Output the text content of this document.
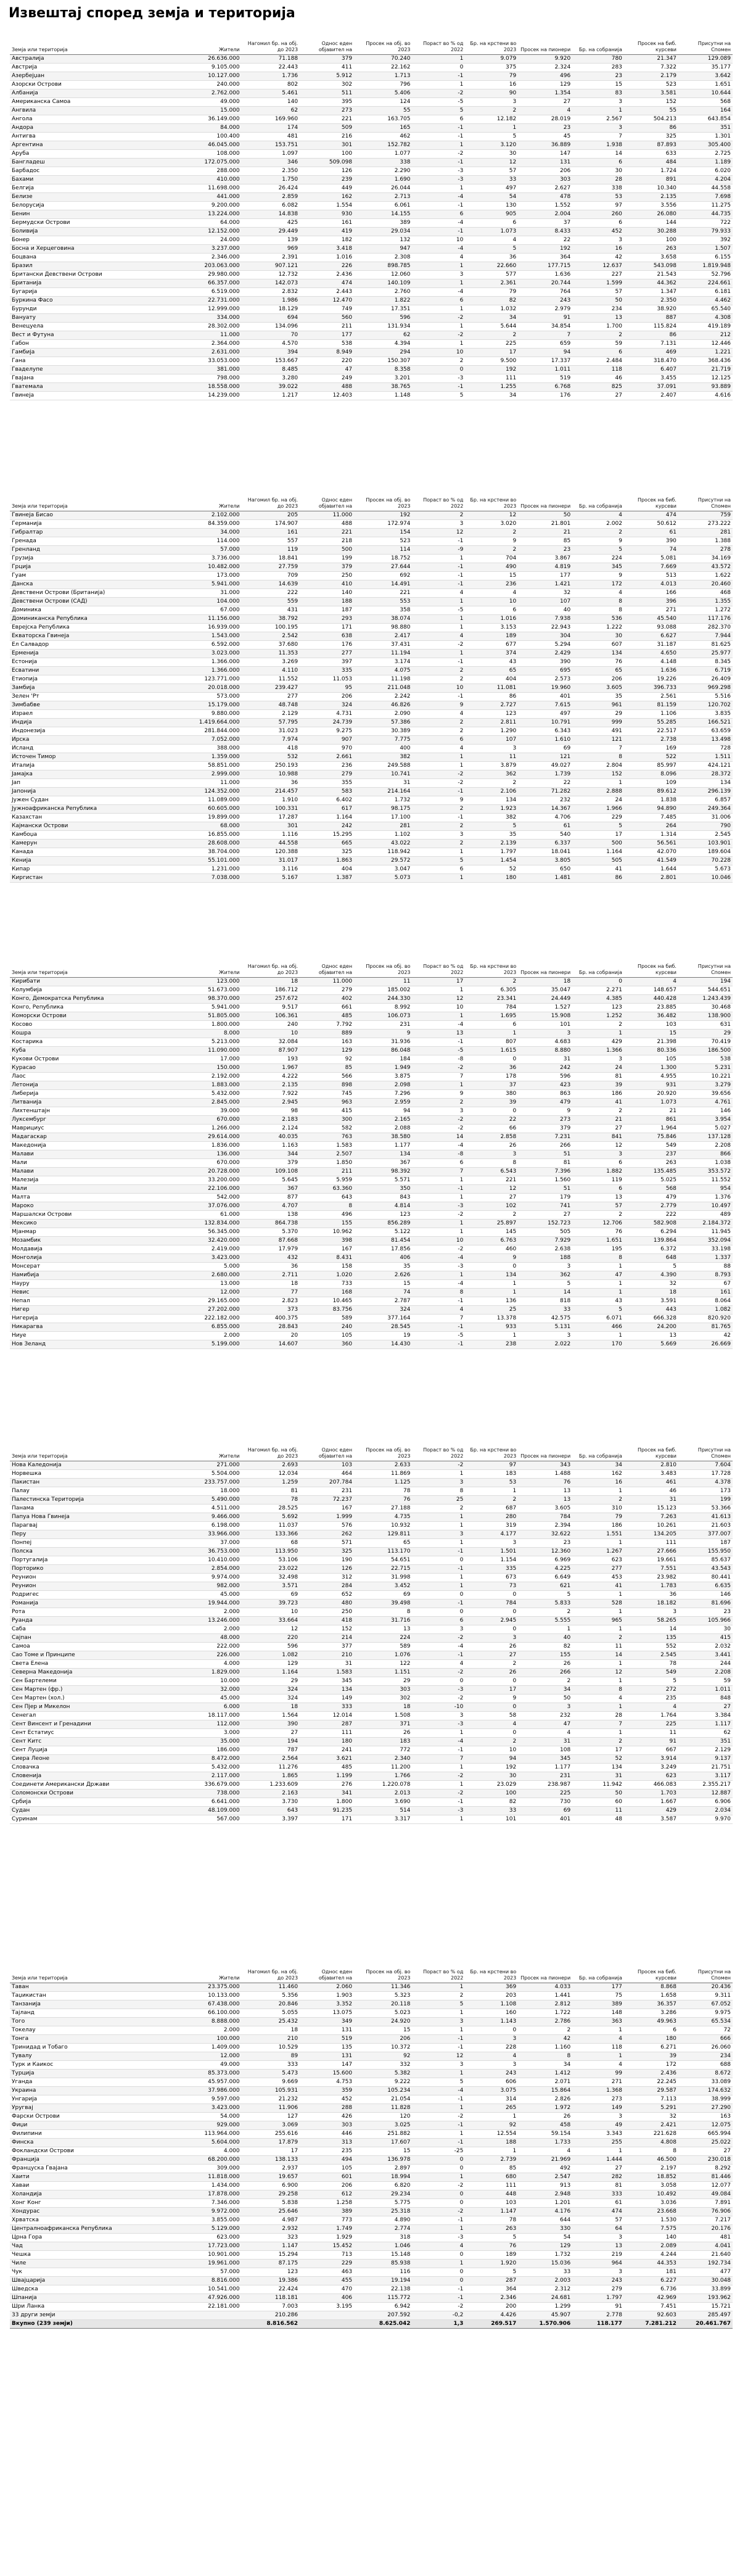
Извештај според земја и територија
Земја или територија	Жители	Нагомил бр. на обј. до 2023	Однос еден објавител на	Просек на обј. во 2023	Пораст во % од 2022	Бр. на крстени во 2023	Просек на пионери	Бр. на собранија	Просек на биб. курсеви	Присутни на Спомен
Австралија	26.636.000	71.188	379	70.240	1	9.079	9.920	780	21.347	129.089
Австрија	9.105.000	22.443	411	22.162	0	375	2.324	283	7.322	35.177
Азербејџан	10.127.000	1.736	5.912	1.713	-1	79	496	23	2.179	3.642
Азорски Острови	240.000	802	302	796	1	16	129	15	523	1.651
Албанија	2.762.000	5.461	511	5.406	-2	90	1.354	83	3.581	10.644
Американска Самоа	49.000	140	395	124	-5	3	27	3	152	568
Ангвила	15.000	62	273	55	5	2	4	1	55	164
Ангола	36.149.000	169.960	221	163.705	6	12.182	28.019	2.567	504.213	643.854
Андора	84.000	174	509	165	-1	1	23	3	86	351
Антигва	100.400	481	216	462	-1	5	45	7	325	1.301
Аргентина	46.045.000	153.751	301	152.782	1	3.120	36.889	1.938	87.893	305.400
Аруба	108.000	1.097	100	1.077	-2	30	147	14	633	2.725
Бангладеш	172.075.000	346	509.098	338	-1	12	131	6	484	1.189
Барбадос	288.000	2.350	126	2.290	-3	57	206	30	1.724	6.020
Бахами	410.000	1.750	239	1.690	-3	33	303	28	891	4.204
Белгија	11.698.000	26.424	449	26.044	1	497	2.627	338	10.340	44.558
Белизе	441.000	2.859	162	2.713	-4	54	478	53	2.135	7.698
Белорусија	9.200.000	6.082	1.554	6.061	-1	130	1.552	97	3.556	11.275
Бенин	13.224.000	14.838	930	14.155	6	905	2.004	260	26.080	44.735
Бермудски Острови	64.000	425	161	389	-4	6	37	6	144	722
Боливија	12.152.000	29.449	419	29.034	-1	1.073	8.433	452	30.288	79.933
Бонер	24.000	139	182	132	10	4	22	3	100	392
Босна и Херцеговина	3.237.000	969	3.418	947	-4	5	192	16	263	1.507
Боцвана	2.346.000	2.391	1.016	2.308	4	36	364	42	3.658	6.155
Бразил	203.063.000	907.121	226	898.785	1	22.660	177.715	12.637	543.098	1.819.948
Британски Девствени Острови	29.980.000	12.732	2.436	12.060	3	577	1.636	227	21.543	52.796
Британија	66.357.000	142.073	474	140.109	1	2.361	20.744	1.599	44.362	224.661
Бугарија	6.519.000	2.832	2.443	2.760	-4	79	764	57	1.347	6.181
Буркина Фасо	22.731.000	1.986	12.470	1.822	6	82	243	50	2.350	4.462
Бурунди	12.999.000	18.129	749	17.351	1	1.032	2.979	234	38.920	65.540
Вануату	334.000	694	560	596	-2	34	91	13	887	4.308
Венецуела	28.302.000	134.096	211	131.934	1	5.644	34.854	1.700	115.824	419.189
Вест и Футуна	11.000	70	177	62	-2	2	7	2	86	212
Габон	2.364.000	4.570	538	4.394	1	225	659	59	7.131	12.446
Гамбија	2.631.000	394	8.949	294	10	17	94	6	469	1.221
Гана	33.053.000	153.667	220	150.307	2	9.500	17.337	2.484	318.470	368.436
Гваделупе	381.000	8.485	47	8.358	0	192	1.011	118	6.407	21.719
Гвајана	798.000	3.280	249	3.201	-3	111	519	46	3.455	12.125
Гватемала	18.558.000	39.022	488	38.765	-1	1.255	6.768	825	37.091	93.889
Гвинеја	14.239.000	1.217	12.403	1.148	5	34	176	27	2.407	4.616
Земја или територија	Жители	Нагомил бр. на обј. до 2023	Однос еден објавител на	Просек на обј. во 2023	Пораст во % од 2022	Бр. на крстени во 2023	Просек на пионери	Бр. на собранија	Просек на биб. курсеви	Присутни на Спомен
Гвинеја Бисао	2.102.000	205	11.000	192	2	12	50	4	474	759
Германија	84.359.000	174.907	488	172.974	3	3.020	21.801	2.002	50.612	273.222
Гибралтар	34.000	161	221	154	12	2	21	2	61	281
Гренада	114.000	557	218	523	-1	9	85	9	390	1.388
Гренланд	57.000	119	500	114	-9	2	23	5	74	278
Грузија	3.736.000	18.841	199	18.752	1	704	3.867	224	5.081	34.169
Грција	10.482.000	27.759	379	27.644	-1	490	4.819	345	7.669	43.572
Гуам	173.000	709	250	692	-1	15	177	9	513	1.622
Данска	5.941.000	14.639	410	14.491	-1	236	1.421	172	4.013	20.460
Девствени Острови (Британија)	31.000	222	140	221	4	4	32	4	166	468
Девствени Острови (САД)	104.000	559	188	553	1	10	107	8	396	1.355
Доминика	67.000	431	187	358	-5	6	40	8	271	1.272
Доминиканска Република	11.156.000	38.792	293	38.074	1	1.016	7.938	536	45.540	117.176
Еврејска Република	16.939.000	100.195	171	98.880	1	3.153	22.943	1.222	93.088	282.370
Екваторска Гвинеја	1.543.000	2.542	638	2.417	4	189	304	30	6.627	7.944
Ел Салвадор	6.592.000	37.680	176	37.431	-2	677	5.294	607	31.187	81.625
Ерменија	3.023.000	11.353	277	11.194	1	374	2.429	134	4.650	25.977
Естонија	1.366.000	3.269	397	3.174	-1	43	390	76	4.148	8.345
Есватини	1.366.000	4.110	335	4.075	2	65	695	65	1.636	6.719
Етиопија	123.771.000	11.552	11.053	11.198	2	404	2.573	206	19.226	26.409
Замбија	20.018.000	239.427	95	211.048	10	11.081	19.960	3.605	396.733	969.298
Зелен 'Рт	573.000	277	206	2.242	-1	86	401	35	2.561	5.516
Зимбабве	15.179.000	48.748	324	46.826	9	2.727	7.615	961	81.159	120.702
Израел	9.880.000	2.129	4.731	2.090	4	123	497	29	1.106	3.835
Индија	1.419.664.000	57.795	24.739	57.386	2	2.811	10.791	999	55.285	166.521
Индонезија	281.844.000	31.023	9.275	30.389	2	1.290	6.343	491	22.517	63.659
Ирска	7.052.000	7.974	907	7.775	6	107	1.610	121	2.738	13.498
Исланд	388.000	418	970	400	4	3	69	7	169	728
Источен Тимор	1.359.000	532	2.661	382	1	11	121	8	522	1.511
Италија	58.851.000	250.193	236	249.588	1	3.879	49.027	2.804	85.997	424.121
Јамајка	2.999.000	10.988	279	10.741	-2	362	1.739	152	8.096	28.372
Јап	11.000	36	355	31	-2	2	22	1	109	134
Јапонија	124.352.000	214.457	583	214.164	-1	2.106	71.282	2.888	89.612	296.139
Јужен Судан	11.089.000	1.910	6.402	1.732	9	134	232	24	1.838	6.857
Јужноафриканска Република	60.605.000	100.331	617	98.175	2	1.923	14.367	1.966	94.890	249.364
Казахстан	19.899.000	17.287	1.164	17.100	-1	382	4.706	229	7.485	31.006
Кајмански Острови	68.000	301	242	281	2	5	61	5	264	790
Камбоџа	16.855.000	1.116	15.295	1.102	3	35	540	17	1.314	2.545
Камерун	28.608.000	44.558	665	43.022	2	2.139	6.337	500	56.561	103.901
Канада	38.704.000	120.388	325	118.942	1	1.797	18.041	1.164	42.070	189.604
Кенија	55.101.000	31.017	1.863	29.572	5	1.454	3.805	505	41.549	70.228
Кипар	1.231.000	3.116	404	3.047	6	52	650	41	1.644	5.673
Киргистан	7.038.000	5.167	1.387	5.073	1	180	1.481	86	2.801	10.046
Земја или територија	Жители	Нагомил бр. на обј. до 2023	Однос еден објавител на	Просек на обј. во 2023	Пораст во % од 2022	Бр. на крстени во 2023	Просек на пионери	Бр. на собранија	Просек на биб. курсеви	Присутни на Спомен
Кирибати	123.000	18	11.000	11	17	2	18	0	4	194
Колумбија	51.673.000	186.712	279	185.002	1	6.305	35.047	2.271	148.657	544.651
Конго, Демократска Република	98.370.000	257.672	402	244.330	12	23.341	24.449	4.385	440.428	1.243.439
Конго, Република	5.941.000	9.517	661	8.992	10	784	1.527	123	23.885	30.468
Коморски Острови	51.805.000	106.361	485	106.073	1	1.695	15.908	1.252	36.482	138.900
Косово	1.800.000	240	7.792	231	-4	6	101	2	103	631
Кошра	8.000	10	889	9	13	1	3	1	15	29
Костарика	5.213.000	32.084	163	31.936	-1	807	4.683	429	21.398	70.419
Куба	11.090.000	87.907	129	86.048	-5	1.615	8.880	1.366	80.336	186.500
Кукови Острови	17.000	193	92	184	-8	0	31	3	105	538
Кураcao	150.000	1.967	85	1.949	-2	36	242	24	1.300	5.231
Лаос	2.192.000	4.222	566	3.875	7	178	596	81	4.955	10.221
Летонија	1.883.000	2.135	898	2.098	1	37	423	39	931	3.279
Либерија	5.432.000	7.922	745	7.296	9	380	863	186	20.920	39.656
Литванија	2.845.000	2.945	963	2.959	2	39	479	41	1.073	4.761
Лихтенштајн	39.000	98	415	94	3	0	9	2	21	146
Луксембург	670.000	2.183	300	2.165	-2	22	273	21	861	3.954
Маврициус	1.266.000	2.124	582	2.088	-2	66	379	27	1.964	5.027
Мадагаскар	29.614.000	40.035	763	38.580	14	2.858	7.231	841	75.846	137.128
Македонија	1.836.000	1.163	1.583	1.177	-4	26	266	12	549	2.208
Малави	136.000	344	2.507	134	-8	3	51	3	237	866
Мали	670.000	379	1.850	367	6	8	81	6	263	1.038
Малави	20.728.000	109.108	211	98.392	7	6.543	7.396	1.882	135.485	353.572
Малезија	33.200.000	5.645	5.959	5.571	1	221	1.560	119	5.025	11.552
Мали	22.106.000	367	63.360	350	-1	12	51	6	568	954
Малта	542.000	877	643	843	1	27	179	13	479	1.376
Мароко	37.076.000	4.707	8	4.814	-3	102	741	57	2.779	10.497
Маршалски Острови	61.000	138	496	123	-2	2	27	2	222	489
Мексико	132.834.000	864.738	155	856.289	1	25.897	152.723	12.706	582.908	2.184.372
Мјанмар	56.345.000	5.370	10.962	5.122	1	145	505	76	6.294	11.945
Мозамбик	32.420.000	87.668	398	81.454	10	6.763	7.929	1.651	139.864	352.094
Молдавија	2.419.000	17.979	167	17.856	-2	460	2.638	195	6.372	33.198
Монголија	3.423.000	432	8.431	406	-4	9	188	8	648	1.337
Монсерат	5.000	36	158	35	-3	0	3	1	5	88
Намибија	2.680.000	2.711	1.020	2.626	1	134	362	47	4.390	8.793
Науру	13.000	18	733	15	-4	1	5	1	32	67
Невис	12.000	77	168	74	8	1	14	1	18	161
Непал	29.165.000	2.823	10.465	2.787	-1	136	818	43	3.591	8.064
Нигер	27.202.000	373	83.756	324	4	25	33	5	443	1.082
Нигерија	222.182.000	400.375	589	377.164	7	13.378	42.575	6.071	666.328	820.920
Никарагва	6.855.000	28.843	240	28.545	-1	933	5.131	466	24.200	81.765
Ниуе	2.000	20	105	19	-5	1	3	1	13	42
Нов Зеланд	5.199.000	14.607	360	14.430	-1	238	2.022	170	5.669	26.669
Земја или територија	Жители	Нагомил бр. на обј. до 2023	Однос еден објавител на	Просек на обј. во 2023	Пораст во % од 2022	Бр. на крстени во 2023	Просек на пионери	Бр. на собранија	Просек на биб. курсеви	Присутни на Спомен
Нова Каледонија	271.000	2.693	103	2.633	-2	97	343	34	2.810	7.604
Норвешка	5.504.000	12.034	464	11.869	1	183	1.488	162	3.483	17.728
Пакистан	233.757.000	1.259	207.784	1.125	3	53	76	16	461	4.378
Палау	18.000	81	231	78	8	1	13	1	46	173
Палестинска Територија	5.490.000	78	72.237	76	25	2	13	2	31	199
Панама	4.511.000	28.525	167	27.188	2	687	3.605	310	15.123	53.366
Папуа Нова Гвинеја	9.466.000	5.692	1.999	4.735	1	280	784	79	7.263	41.613
Парагвај	6.198.000	11.037	576	10.932	1	319	2.394	186	10.261	21.603
Перу	33.966.000	133.366	262	129.811	3	4.177	32.622	1.551	134.205	377.007
Понпеј	37.000	68	571	65	1	3	23	1	111	187
Полска	36.753.000	113.950	325	113.170	-1	1.501	12.360	1.267	27.666	155.950
Португалија	10.410.000	53.106	190	54.651	0	1.154	6.969	623	19.661	85.637
Порторико	2.854.000	23.022	126	22.715	-1	335	4.225	277	7.551	43.543
Реунион	9.974.000	32.498	312	31.998	1	673	6.649	453	23.982	80.441
Реунион	982.000	3.571	284	3.452	1	73	621	41	1.783	6.635
Родригес	45.000	69	652	69	0	0	5	1	36	146
Романија	19.944.000	39.723	480	39.498	-1	784	5.833	528	18.182	81.696
Рота	2.000	10	250	8	0	0	2	1	3	23
Руанда	13.246.000	33.664	418	31.716	6	2.945	5.555	965	58.265	105.966
Саба	2.000	12	152	13	3	0	1	1	14	30
Сајпан	48.000	220	214	224	-2	3	40	2	135	415
Самоа	222.000	596	377	589	-4	26	82	11	552	2.032
Сао Томе и Принципе	226.000	1.082	210	1.076	-1	27	155	14	2.545	3.441
Света Елена	4.000	129	31	122	4	2	26	1	78	244
Северна Македонија	1.829.000	1.164	1.583	1.151	-2	26	266	12	549	2.208
Сен Бартелеми	10.000	29	345	29	0	0	2	1	5	59
Сен Мартен (фр.)	32.000	324	134	303	-3	17	34	8	272	1.011
Сен Мартен (хол.)	45.000	324	149	302	-2	9	50	4	235	848
Сен Пјер и Микелон	6.000	18	333	18	-10	0	3	1	4	27
Сенегал	18.117.000	1.564	12.014	1.508	3	58	232	28	1.764	3.384
Сент Винсент и Гренадини	112.000	390	287	371	-3	4	47	7	225	1.117
Сент Естатиус	3.000	27	111	26	1	0	4	1	11	62
Сент Китс	35.000	194	180	183	-4	2	31	2	91	351
Сент Луција	186.000	787	241	772	-1	10	108	17	667	2.129
Сиера Леоне	8.472.000	2.564	3.621	2.340	7	94	345	52	3.914	9.137
Словачка	5.432.000	11.276	485	11.200	1	192	1.177	134	3.249	21.751
Словенија	2.117.000	1.865	1.199	1.766	-2	30	231	31	623	3.117
Соединети Американски Држави	336.679.000	1.233.609	276	1.220.078	1	23.029	238.987	11.942	466.083	2.355.217
Соломонски Острови	738.000	2.163	341	2.013	-2	100	225	50	1.703	12.887
Србија	6.641.000	3.730	1.800	3.690	-1	82	730	60	1.667	6.906
Судан	48.109.000	643	91.235	514	-3	33	69	11	429	2.034
Суринам	567.000	3.397	171	3.317	1	101	401	48	3.587	9.970
Земја или територија	Жители	Нагомил бр. на обј. до 2023	Однос еден објавител на	Просек на обј. во 2023	Пораст во % од 2022	Бр. на крстени во 2023	Просек на пионери	Бр. на собранија	Просек на биб. курсеви	Присутни на Спомен
Таван	23.375.000	11.460	2.060	11.346	1	369	4.033	177	8.868	20.436
Таџикистан	10.133.000	5.356	1.903	5.323	2	203	1.441	75	1.658	9.311
Танзанија	67.438.000	20.846	3.352	20.118	5	1.108	2.812	389	36.357	67.052
Тајланд	66.100.000	5.055	13.075	5.023	1	160	1.722	148	3.286	9.975
Того	8.888.000	25.432	349	24.920	3	1.143	2.786	363	49.963	65.534
Токелау	2.000	18	131	15	1	0	2	1	6	72
Тонга	100.000	210	519	206	-1	3	42	4	180	666
Тринидад и Тобаго	1.409.000	10.529	135	10.372	-1	228	1.160	118	6.271	26.060
Тувалу	12.000	89	131	92	12	4	8	1	39	234
Турк и Каикос	49.000	333	147	332	3	3	34	4	172	688
Турција	85.373.000	5.473	15.600	5.382	1	243	1.412	99	2.436	8.672
Уганда	45.957.000	9.669	4.753	9.222	5	606	2.071	271	22.245	33.089
Украина	37.986.000	105.931	359	105.234	-4	3.075	15.864	1.368	29.587	174.632
Унгарија	9.597.000	21.232	452	21.054	-1	314	2.826	273	7.113	38.999
Уругвај	3.423.000	11.906	288	11.828	1	265	1.972	149	5.291	27.290
Фарски Острови	54.000	127	426	120	-2	1	26	3	32	163
Фиџи	929.000	3.069	303	3.025	-1	92	458	49	2.421	12.075
Филипини	113.964.000	255.616	446	251.882	1	12.554	59.154	3.343	221.628	665.994
Финска	5.604.000	17.879	313	17.607	-1	188	1.733	255	4.808	25.022
Фокландски Острови	4.000	17	235	15	-25	1	4	1	8	27
Франција	68.200.000	138.133	494	136.978	0	2.739	21.969	1.444	46.500	230.018
Француска Гвајана	309.000	2.937	105	2.897	0	85	492	27	2.197	8.292
Хаити	11.818.000	19.657	601	18.994	1	680	2.547	282	18.852	81.446
Хаваи	1.434.000	6.900	206	6.820	-2	111	913	81	3.058	12.077
Холандија	17.878.000	29.258	612	29.234	0	448	2.948	333	10.492	49.084
Хонг Конг	7.346.000	5.838	1.258	5.775	0	103	1.201	61	3.036	7.891
Хондурас	9.972.000	25.646	389	25.318	-2	1.147	4.176	474	23.668	76.906
Хрватска	3.855.000	4.987	773	4.890	-1	78	644	57	1.530	7.217
Централноафриканска Република	5.129.000	2.932	1.749	2.774	1	263	330	64	7.575	20.176
Црна Гора	623.000	323	1.929	318	-3	5	54	3	140	481
Чад	17.723.000	1.147	15.452	1.046	4	76	129	13	2.089	4.041
Чешка	10.901.000	15.294	713	15.148	0	189	1.732	219	4.244	21.640
Чиле	19.961.000	87.175	229	85.938	1	1.920	15.036	964	44.353	192.734
Чук	57.000	123	463	116	0	5	33	3	181	477
Швајцарија	8.816.000	19.386	455	19.194	0	287	2.003	243	6.227	30.048
Шведска	10.541.000	22.424	470	22.138	-1	364	2.312	279	6.736	33.899
Шпанија	47.926.000	118.181	406	115.772	-1	2.346	24.681	1.797	42.969	193.962
Шри Ланка	22.181.000	7.003	3.195	6.942	-2	200	1.299	91	7.451	15.721
33 други земји		210.286		207.592	-0,2	4.426	45.907	2.778	92.603	285.497
Вкупно (239 земји)		8.816.562		8.625.042	1,3	269.517	1.570.906	118.177	7.281.212	20.461.767
